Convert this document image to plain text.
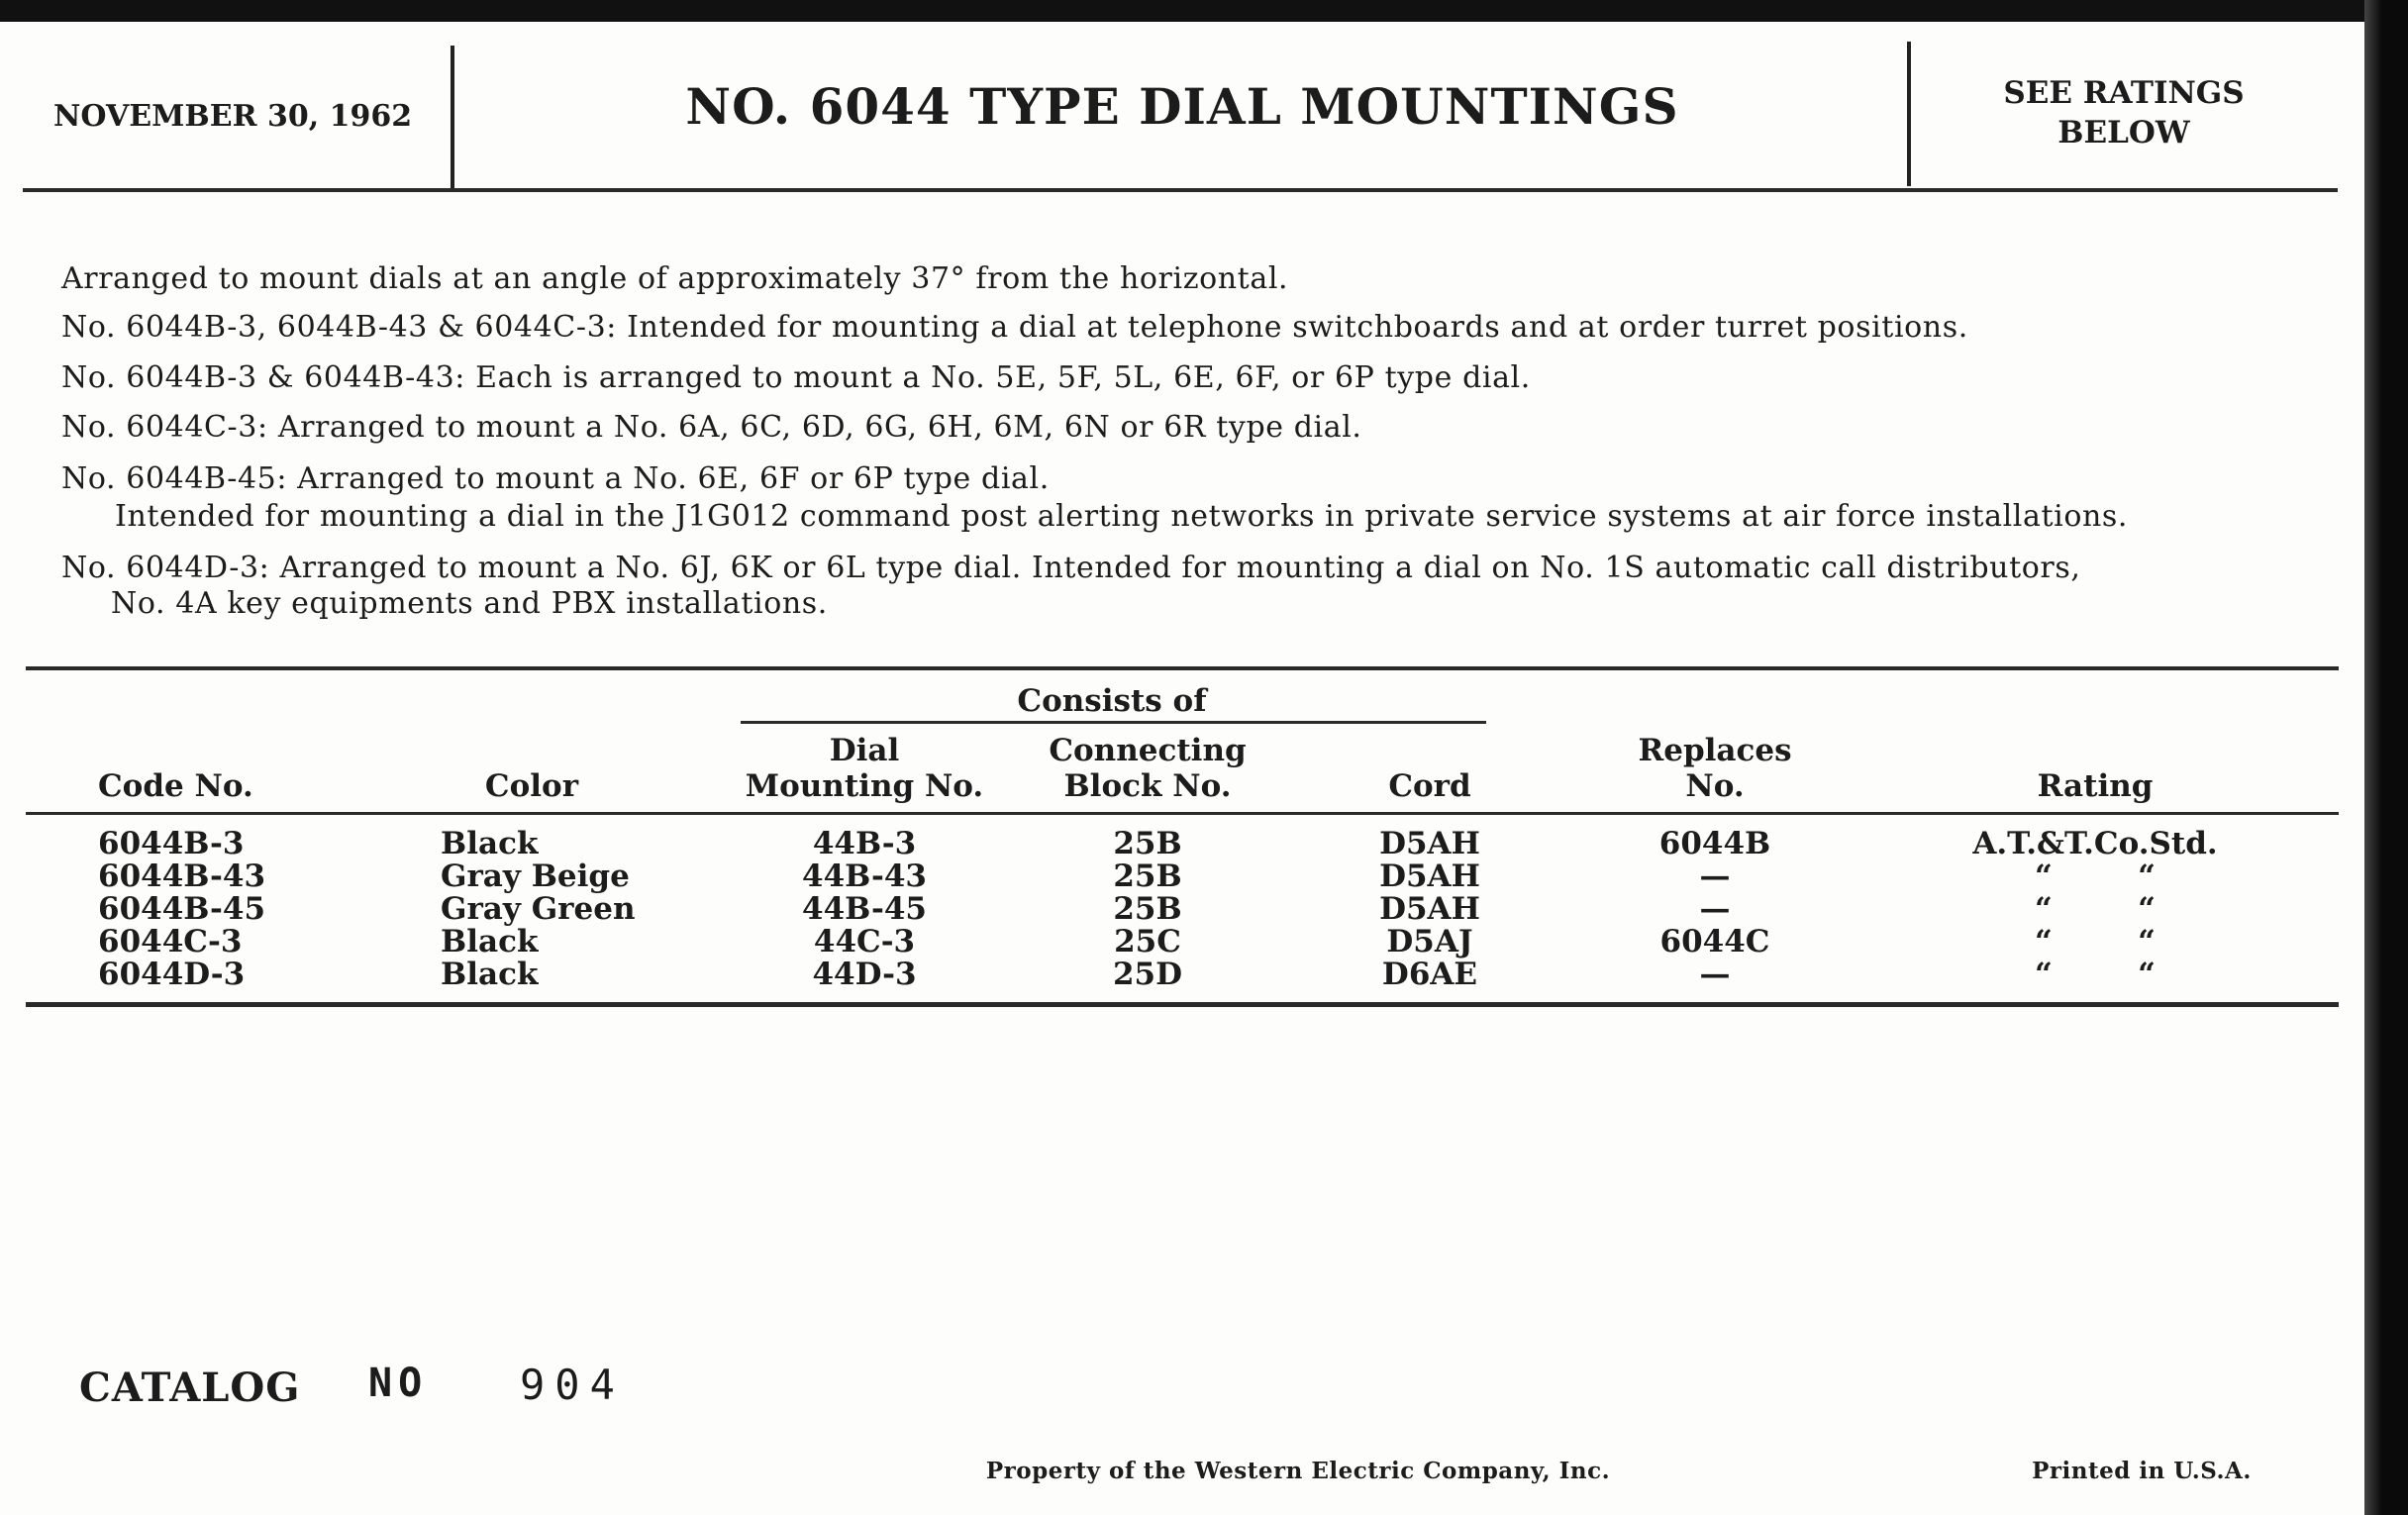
NOVEMBER 30, 1962	NO. 6044 TYPE DIAL MOUNTINGS	SEE RATINGS
BELOW
Arranged to mount dials at an angle of approximately 37° from the horizontal.
No. 6044B-3, 6044B-43 & 6044C-3: Intended for mounting a dial at telephone switchboards and at order turret positions.
No. 6044B-3 & 6044B-43: Each is arranged to mount a No. 5E, 5F, 5L, 6E, 6F, or 6P type dial.
No. 6044C-3: Arranged to mount a No. 6A, 6C, 6D, 6G, 6H, 6M, 6N or 6R type dial.
No. 6044B-45: Arranged to mount a No. 6E, 6F or 6P type dial.
Intended for mounting a dial in the J1G012 command post alerting networks in private service systems at air force installations.
No. 6044D-3: Arranged to mount a No. 6J, 6K or 6L type dial. Intended for mounting a dial on No. 1S automatic call distributors,
No. 4A key equipments and PBX installations.
Consists of
Code No.	Color
Dial
Mounting No.
Connecting
Block No.	Cord
Replaces
No.	Rating
6044B-3	Black	44B-3	25B	D5AH	6044B	A.T.&T.Co.Std.
6044B-43	Gray Beige	44B-43	25B	D5AH	—	“        “
6044B-45	Gray Green	44B-45	25B	D5AH	—	“        “
6044C-3	Black	44C-3	25C	D5AJ	6044C	“        “
6044D-3	Black	44D-3	25D	D6AE	—	“        “
CATALOG NO 904
Property of the Western Electric Company, Inc.	Printed in U.S.A.
